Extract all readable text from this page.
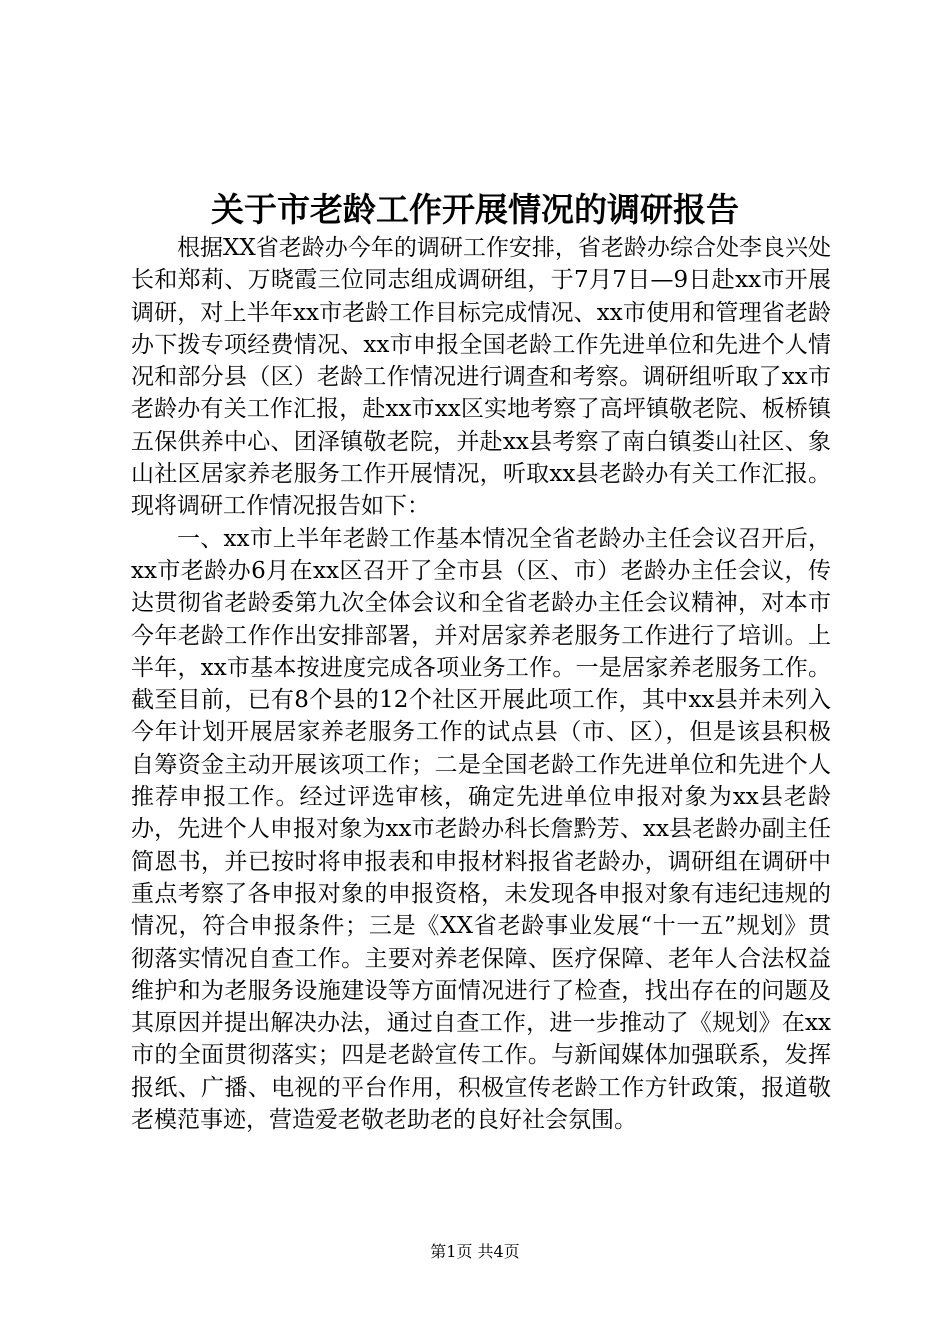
关于市老龄工作开展情况的调研报告

根据XX省老龄办今年的调研工作安排，省老龄办综合处李良兴处长和郑莉、万晓霞三位同志组成调研组，于7月7日—9日赴xx市开展调研，对上半年xx市老龄工作目标完成情况、xx市使用和管理省老龄办下拨专项经费情况、xx市申报全国老龄工作先进单位和先进个人情况和部分县（区）老龄工作情况进行调查和考察。调研组听取了xx市老龄办有关工作汇报，赴xx市xx区实地考察了高坪镇敬老院、板桥镇五保供养中心、团泽镇敬老院，并赴xx县考察了南白镇娄山社区、象山社区居家养老服务工作开展情况，听取xx县老龄办有关工作汇报。现将调研工作情况报告如下：

一、xx市上半年老龄工作基本情况全省老龄办主任会议召开后，xx市老龄办6月在xx区召开了全市县（区、市）老龄办主任会议，传达贯彻省老龄委第九次全体会议和全省老龄办主任会议精神，对本市今年老龄工作作出安排部署，并对居家养老服务工作进行了培训。上半年，xx市基本按进度完成各项业务工作。一是居家养老服务工作。截至目前，已有8个县的12个社区开展此项工作，其中xx县并未列入今年计划开展居家养老服务工作的试点县（市、区），但是该县积极自筹资金主动开展该项工作；二是全国老龄工作先进单位和先进个人推荐申报工作。经过评选审核，确定先进单位申报对象为xx县老龄办，先进个人申报对象为xx市老龄办科长詹黔芳、xx县老龄办副主任简恩书，并已按时将申报表和申报材料报省老龄办，调研组在调研中重点考察了各申报对象的申报资格，未发现各申报对象有违纪违规的情况，符合申报条件；三是《XX省老龄事业发展“十一五”规划》贯彻落实情况自查工作。主要对养老保障、医疗保障、老年人合法权益维护和为老服务设施建设等方面情况进行了检查，找出存在的问题及其原因并提出解决办法，通过自查工作，进一步推动了《规划》在xx市的全面贯彻落实；四是老龄宣传工作。与新闻媒体加强联系，发挥报纸、广播、电视的平台作用，积极宣传老龄工作方针政策，报道敬老模范事迹，营造爱老敬老助老的良好社会氛围。

第1页 共4页
